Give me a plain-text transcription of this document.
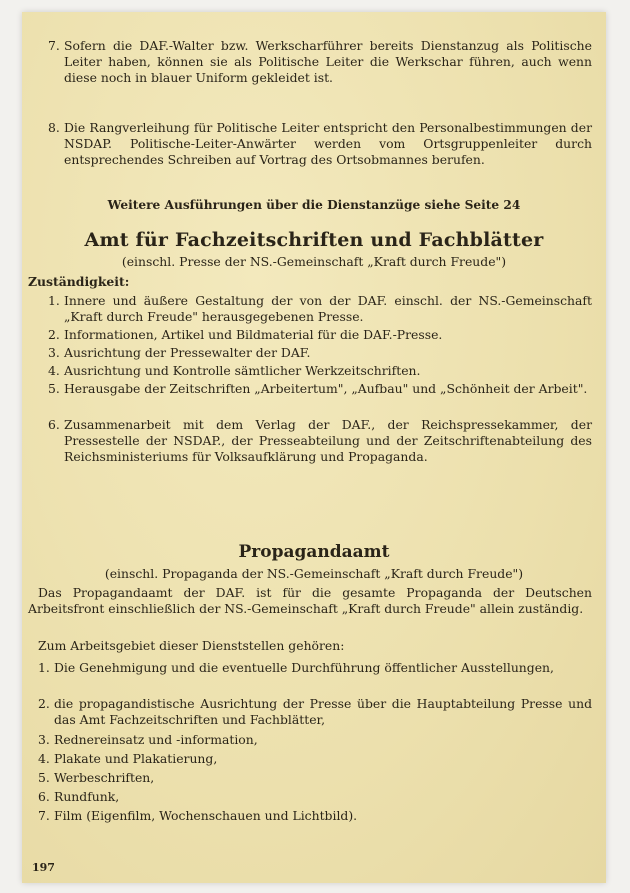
7. Sofern die DAF.-Walter bzw. Werkscharführer bereits Dienstanzug als Politische Leiter haben, können sie als Politische Leiter die Werkschar führen, auch wenn diese noch in blauer Uniform gekleidet ist.
8. Die Rangverleihung für Politische Leiter entspricht den Personalbestimmungen der NSDAP. Politische-Leiter-Anwärter werden vom Ortsgruppenleiter durch entsprechendes Schreiben auf Vortrag des Ortsobmannes berufen.
Weitere Ausführungen über die Dienstanzüge siehe Seite 24
Amt für Fachzeitschriften und Fachblätter
(einschl. Presse der NS.-Gemeinschaft „Kraft durch Freude")
Zuständigkeit:
1. Innere und äußere Gestaltung der von der DAF. einschl. der NS.-Gemeinschaft „Kraft durch Freude" herausgegebenen Presse.
2. Informationen, Artikel und Bildmaterial für die DAF.-Presse.
3. Ausrichtung der Pressewalter der DAF.
4. Ausrichtung und Kontrolle sämtlicher Werkzeitschriften.
5. Herausgabe der Zeitschriften „Arbeitertum", „Aufbau" und „Schönheit der Arbeit".
6. Zusammenarbeit mit dem Verlag der DAF., der Reichspressekammer, der Pressestelle der NSDAP., der Presseabteilung und der Zeitschriftenabteilung des Reichsministeriums für Volksaufklärung und Propaganda.
Propagandaamt
(einschl. Propaganda der NS.-Gemeinschaft „Kraft durch Freude")
Das Propagandaamt der DAF. ist für die gesamte Propaganda der Deutschen Arbeitsfront einschließlich der NS.-Gemeinschaft „Kraft durch Freude" allein zuständig.
Zum Arbeitsgebiet dieser Dienststellen gehören:
1. Die Genehmigung und die eventuelle Durchführung öffentlicher Ausstellungen,
2. die propagandistische Ausrichtung der Presse über die Hauptabteilung Presse und das Amt Fachzeitschriften und Fachblätter,
3. Rednereinsatz und -information,
4. Plakate und Plakatierung,
5. Werbeschriften,
6. Rundfunk,
7. Film (Eigenfilm, Wochenschauen und Lichtbild).
197
